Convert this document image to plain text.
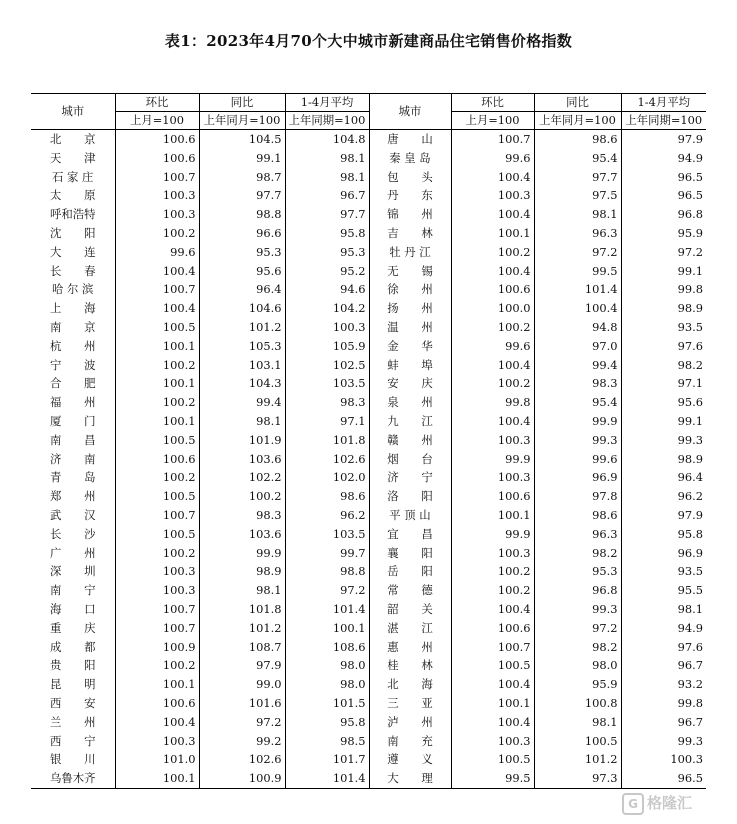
表1：2023年4月70个大中城市新建商品住宅销售价格指数
城市	环比	同比	1-4月平均	城市	环比	同比	1-4月平均
	上月=100	上年同月=100	上年同期=100		上月=100	上年同月=100	上年同期=100
北　　京	100.6	104.5	104.8	唐　　山	100.7	98.6	97.9
天　　津	100.6	99.1	98.1	秦 皇 岛	99.6	95.4	94.9
石 家 庄	100.7	98.7	98.1	包　　头	100.4	97.7	96.5
太　　原	100.3	97.7	96.7	丹　　东	100.3	97.5	96.5
呼和浩特	100.3	98.8	97.7	锦　　州	100.4	98.1	96.8
沈　　阳	100.2	96.6	95.8	吉　　林	100.1	96.3	95.9
大　　连	99.6	95.3	95.3	牡 丹 江	100.2	97.2	97.2
长　　春	100.4	95.6	95.2	无　　锡	100.4	99.5	99.1
哈 尔 滨	100.7	96.4	94.6	徐　　州	100.6	101.4	99.8
上　　海	100.4	104.6	104.2	扬　　州	100.0	100.4	98.9
南　　京	100.5	101.2	100.3	温　　州	100.2	94.8	93.5
杭　　州	100.1	105.3	105.9	金　　华	99.6	97.0	97.6
宁　　波	100.2	103.1	102.5	蚌　　埠	100.4	99.4	98.2
合　　肥	100.1	104.3	103.5	安　　庆	100.2	98.3	97.1
福　　州	100.2	99.4	98.3	泉　　州	99.8	95.4	95.6
厦　　门	100.1	98.1	97.1	九　　江	100.4	99.9	99.1
南　　昌	100.5	101.9	101.8	赣　　州	100.3	99.3	99.3
济　　南	100.6	103.6	102.6	烟　　台	99.9	99.6	98.9
青　　岛	100.2	102.2	102.0	济　　宁	100.3	96.9	96.4
郑　　州	100.5	100.2	98.6	洛　　阳	100.6	97.8	96.2
武　　汉	100.7	98.3	96.2	平 顶 山	100.1	98.6	97.9
长　　沙	100.5	103.6	103.5	宜　　昌	99.9	96.3	95.8
广　　州	100.2	99.9	99.7	襄　　阳	100.3	98.2	96.9
深　　圳	100.3	98.9	98.8	岳　　阳	100.2	95.3	93.5
南　　宁	100.3	98.1	97.2	常　　德	100.2	96.8	95.5
海　　口	100.7	101.8	101.4	韶　　关	100.4	99.3	98.1
重　　庆	100.7	101.2	100.1	湛　　江	100.6	97.2	94.9
成　　都	100.9	108.7	108.6	惠　　州	100.7	98.2	97.6
贵　　阳	100.2	97.9	98.0	桂　　林	100.5	98.0	96.7
昆　　明	100.1	99.0	98.0	北　　海	100.4	95.9	93.2
西　　安	100.6	101.6	101.5	三　　亚	100.1	100.8	99.8
兰　　州	100.4	97.2	95.8	泸　　州	100.4	98.1	96.7
西　　宁	100.3	99.2	98.5	南　　充	100.3	100.5	99.3
银　　川	101.0	102.6	101.7	遵　　义	100.5	101.2	100.3
乌鲁木齐	100.1	100.9	101.4	大　　理	99.5	97.3	96.5
G 格隆汇
